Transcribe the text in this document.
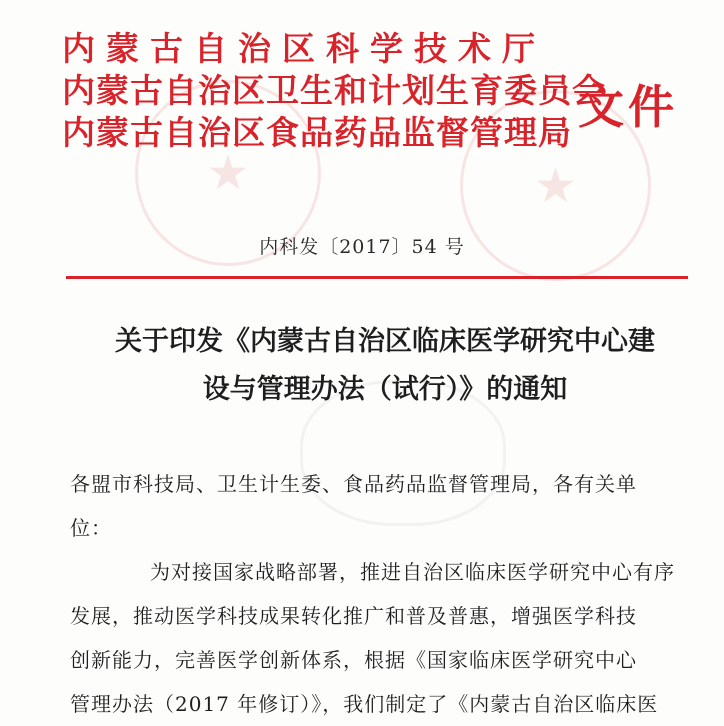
★	★
内蒙古自治区科学技术厅
内蒙古自治区卫生和计划生育委员会
内蒙古自治区食品药品监督管理局 文件
内科发〔2017〕54 号
关于印发《内蒙古自治区临床医学研究中心建
设与管理办法（试行）》的通知
各盟市科技局、卫生计生委、食品药品监督管理局，各有关单
位：
为对接国家战略部署，推进自治区临床医学研究中心有序
发展，推动医学科技成果转化推广和普及普惠，增强医学科技
创新能力，完善医学创新体系，根据《国家临床医学研究中心
管理办法（2017 年修订）》，我们制定了《内蒙古自治区临床医
